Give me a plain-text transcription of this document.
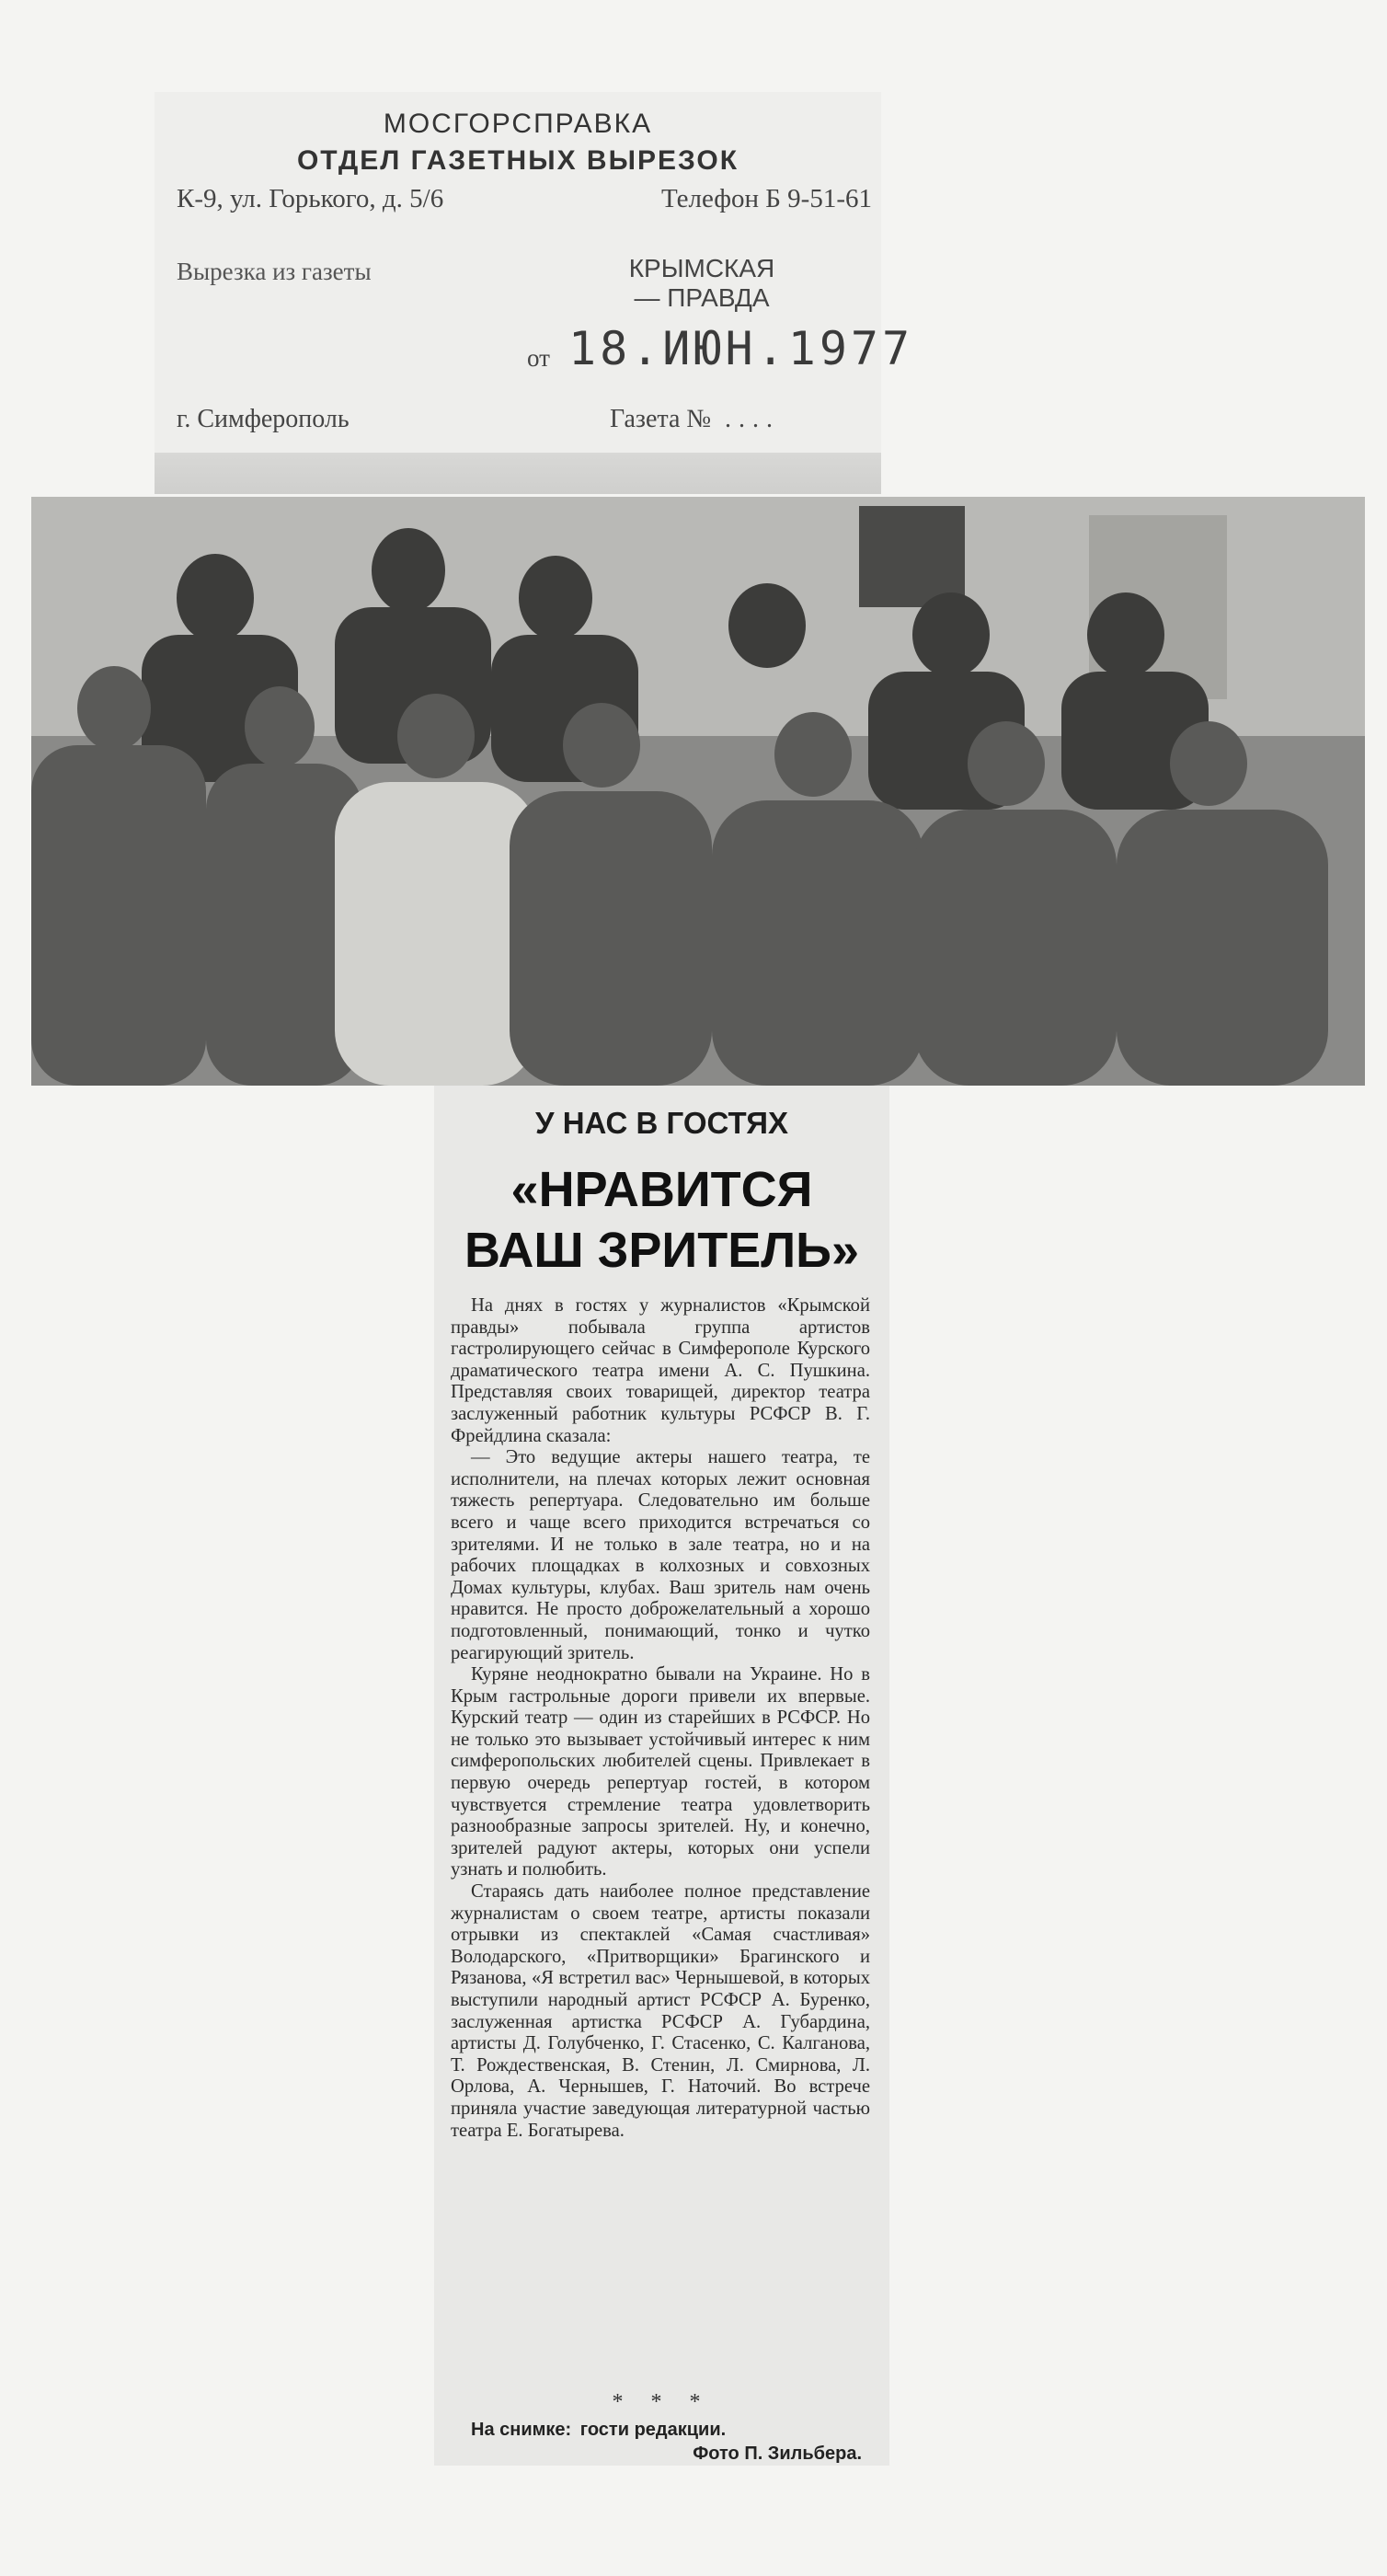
МОСГОРСПРАВКА
ОТДЕЛ ГАЗЕТНЫХ ВЫРЕЗОК
К-9, ул. Горького, д. 5/6	Телефон Б 9-51-61
Вырезка из газеты	КРЫМСКАЯ
— ПРАВДА
от 18.ИЮН.1977
г. Симферополь	Газета № ....
У НАС В ГОСТЯХ
«НРАВИТСЯ
ВАШ ЗРИТЕЛЬ»

На днях в гостях у журналистов «Крымской правды» побывала группа артистов гастролирующего сейчас в Симферополе Курского драматического театра имени А. С. Пушкина. Представляя своих товарищей, директор театра заслуженный работник культуры РСФСР В. Г. Фрейдлина сказала:

— Это ведущие актеры нашего театра, те исполнители, на плечах которых лежит основная тяжесть репертуара. Следовательно им больше всего и чаще всего приходится встречаться со зрителями. И не только в зале театра, но и на рабочих площадках в колхозных и совхозных Домах культуры, клубах. Ваш зритель нам очень нравится. Не просто доброжелательный а хорошо подготовленный, понимающий, тонко и чутко реагирующий зритель.

Куряне неоднократно бывали на Украине. Но в Крым гастрольные дороги привели их впервые. Курский театр — один из старейших в РСФСР. Но не только это вызывает устойчивый интерес к ним симферопольских любителей сцены. Привлекает в первую очередь репертуар гостей, в котором чувствуется стремление театра удовлетворить разнообразные запросы зрителей. Ну, и конечно, зрителей радуют актеры, которых они успели узнать и полюбить.

Стараясь дать наиболее полное представление журналистам о своем театре, артисты показали отрывки из спектаклей «Самая счастливая» Володарского, «Притворщики» Брагинского и Рязанова, «Я встретил вас» Чернышевой, в которых выступили народный артист РСФСР А. Буренко, заслуженная артистка РСФСР А. Губардина, артисты Д. Голубченко, Г. Стасенко, С. Калганова, Т. Рождественская, В. Стенин, Л. Смирнова, Л. Орлова, А. Чернышев, Г. Наточий. Во встрече приняла участие заведующая литературной частью театра Е. Богатырева.

* * *
На снимке: гости редакции.
Фото П. Зильбера.
